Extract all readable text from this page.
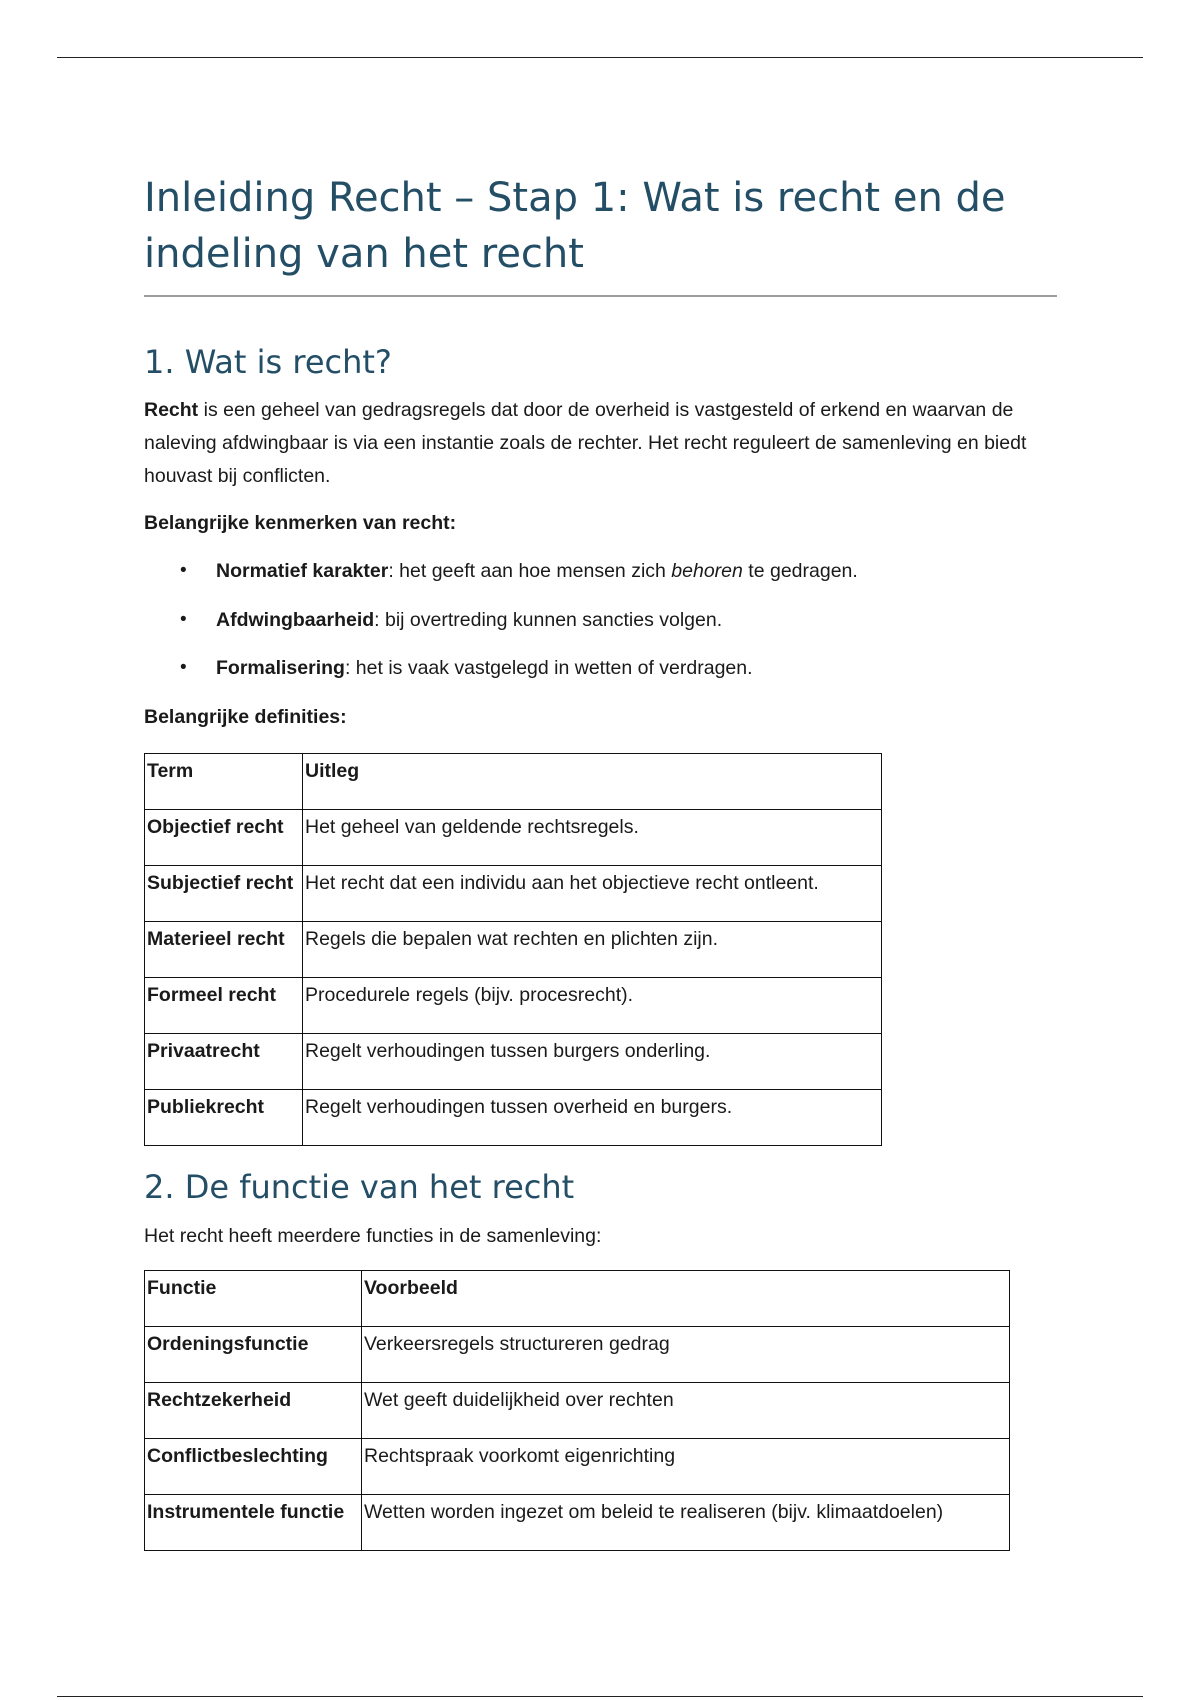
Inleiding Recht – Stap 1: Wat is recht en de indeling van het recht
1. Wat is recht?

Recht is een geheel van gedragsregels dat door de overheid is vastgesteld of erkend en waarvan de naleving afdwingbaar is via een instantie zoals de rechter. Het recht reguleert de samenleving en biedt houvast bij conflicten.

Belangrijke kenmerken van recht:

• Normatief karakter: het geeft aan hoe mensen zich behoren te gedragen.
• Afdwingbaarheid: bij overtreding kunnen sancties volgen.
• Formalisering: het is vaak vastgelegd in wetten of verdragen.

Belangrijke definities:

Term	Uitleg
Objectief recht	Het geheel van geldende rechtsregels.
Subjectief recht	Het recht dat een individu aan het objectieve recht ontleent.
Materieel recht	Regels die bepalen wat rechten en plichten zijn.
Formeel recht	Procedurele regels (bijv. procesrecht).
Privaatrecht	Regelt verhoudingen tussen burgers onderling.
Publiekrecht	Regelt verhoudingen tussen overheid en burgers.
2. De functie van het recht

Het recht heeft meerdere functies in de samenleving:

Functie	Voorbeeld
Ordeningsfunctie	Verkeersregels structureren gedrag
Rechtzekerheid	Wet geeft duidelijkheid over rechten
Conflictbeslechting	Rechtspraak voorkomt eigenrichting
Instrumentele functie	Wetten worden ingezet om beleid te realiseren (bijv. klimaatdoelen)
